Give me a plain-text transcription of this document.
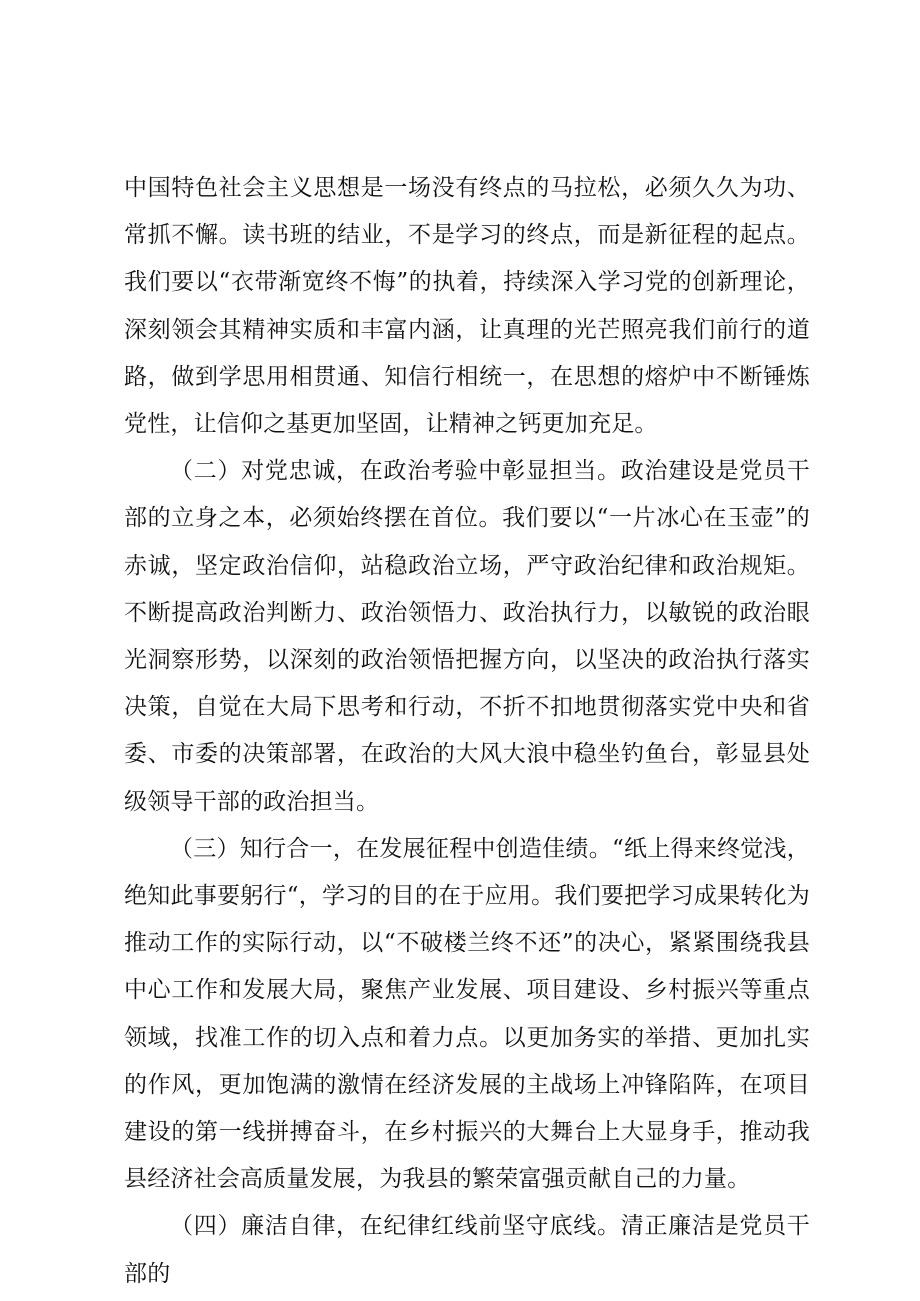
中国特色社会主义思想是一场没有终点的马拉松，必须久久为功、常抓不懈。读书班的结业，不是学习的终点，而是新征程的起点。我们要以“衣带渐宽终不悔”的执着，持续深入学习党的创新理论，深刻领会其精神实质和丰富内涵，让真理的光芒照亮我们前行的道路，做到学思用相贯通、知信行相统一，在思想的熔炉中不断锤炼党性，让信仰之基更加坚固，让精神之钙更加充足。

（二）对党忠诚，在政治考验中彰显担当。政治建设是党员干部的立身之本，必须始终摆在首位。我们要以“一片冰心在玉壶”的赤诚，坚定政治信仰，站稳政治立场，严守政治纪律和政治规矩。不断提高政治判断力、政治领悟力、政治执行力，以敏锐的政治眼光洞察形势，以深刻的政治领悟把握方向，以坚决的政治执行落实决策，自觉在大局下思考和行动，不折不扣地贯彻落实党中央和省委、市委的决策部署，在政治的大风大浪中稳坐钓鱼台，彰显县处级领导干部的政治担当。

（三）知行合一，在发展征程中创造佳绩。“纸上得来终觉浅，绝知此事要躬行“，学习的目的在于应用。我们要把学习成果转化为推动工作的实际行动，以“不破楼兰终不还”的决心，紧紧围绕我县中心工作和发展大局，聚焦产业发展、项目建设、乡村振兴等重点领域，找准工作的切入点和着力点。以更加务实的举措、更加扎实的作风，更加饱满的激情在经济发展的主战场上冲锋陷阵，在项目建设的第一线拼搏奋斗，在乡村振兴的大舞台上大显身手，推动我县经济社会高质量发展，为我县的繁荣富强贡献自己的力量。

（四）廉洁自律，在纪律红线前坚守底线。清正廉洁是党员干部的
